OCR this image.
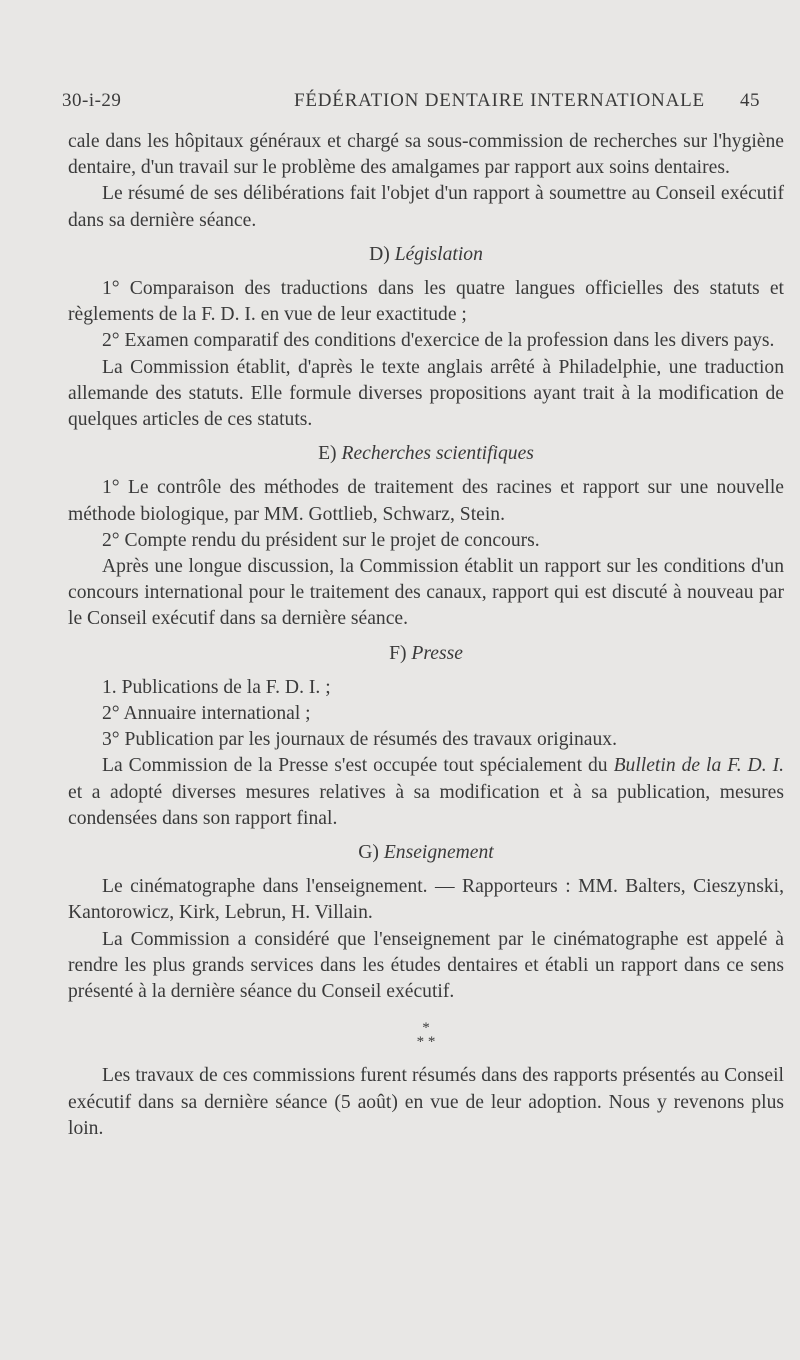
30-i-29	FÉDÉRATION DENTAIRE INTERNATIONALE 45

cale dans les hôpitaux généraux et chargé sa sous-commission de recherches sur l'hygiène dentaire, d'un travail sur le problème des amalgames par rapport aux soins dentaires.

Le résumé de ses délibérations fait l'objet d'un rapport à soumettre au Conseil exécutif dans sa dernière séance.

D) Législation

1° Comparaison des traductions dans les quatre langues officielles des statuts et règlements de la F. D. I. en vue de leur exactitude ;

2° Examen comparatif des conditions d'exercice de la profession dans les divers pays.

La Commission établit, d'après le texte anglais arrêté à Philadelphie, une traduction allemande des statuts. Elle formule diverses propositions ayant trait à la modification de quelques articles de ces statuts.

E) Recherches scientifiques

1° Le contrôle des méthodes de traitement des racines et rapport sur une nouvelle méthode biologique, par MM. Gottlieb, Schwarz, Stein.

2° Compte rendu du président sur le projet de concours.

Après une longue discussion, la Commission établit un rapport sur les conditions d'un concours international pour le traitement des canaux, rapport qui est discuté à nouveau par le Conseil exécutif dans sa dernière séance.

F) Presse

1. Publications de la F. D. I. ;

2° Annuaire international ;

3° Publication par les journaux de résumés des travaux originaux.

La Commission de la Presse s'est occupée tout spécialement du Bulletin de la F. D. I. et a adopté diverses mesures relatives à sa modification et à sa publication, mesures condensées dans son rapport final.

G) Enseignement

Le cinématographe dans l'enseignement. — Rapporteurs : MM. Balters, Cieszynski, Kantorowicz, Kirk, Lebrun, H. Villain.

La Commission a considéré que l'enseignement par le cinématographe est appelé à rendre les plus grands services dans les études dentaires et établi un rapport dans ce sens présenté à la dernière séance du Conseil exécutif.

*
* *

Les travaux de ces commissions furent résumés dans des rapports présentés au Conseil exécutif dans sa dernière séance (5 août) en vue de leur adoption. Nous y revenons plus loin.
